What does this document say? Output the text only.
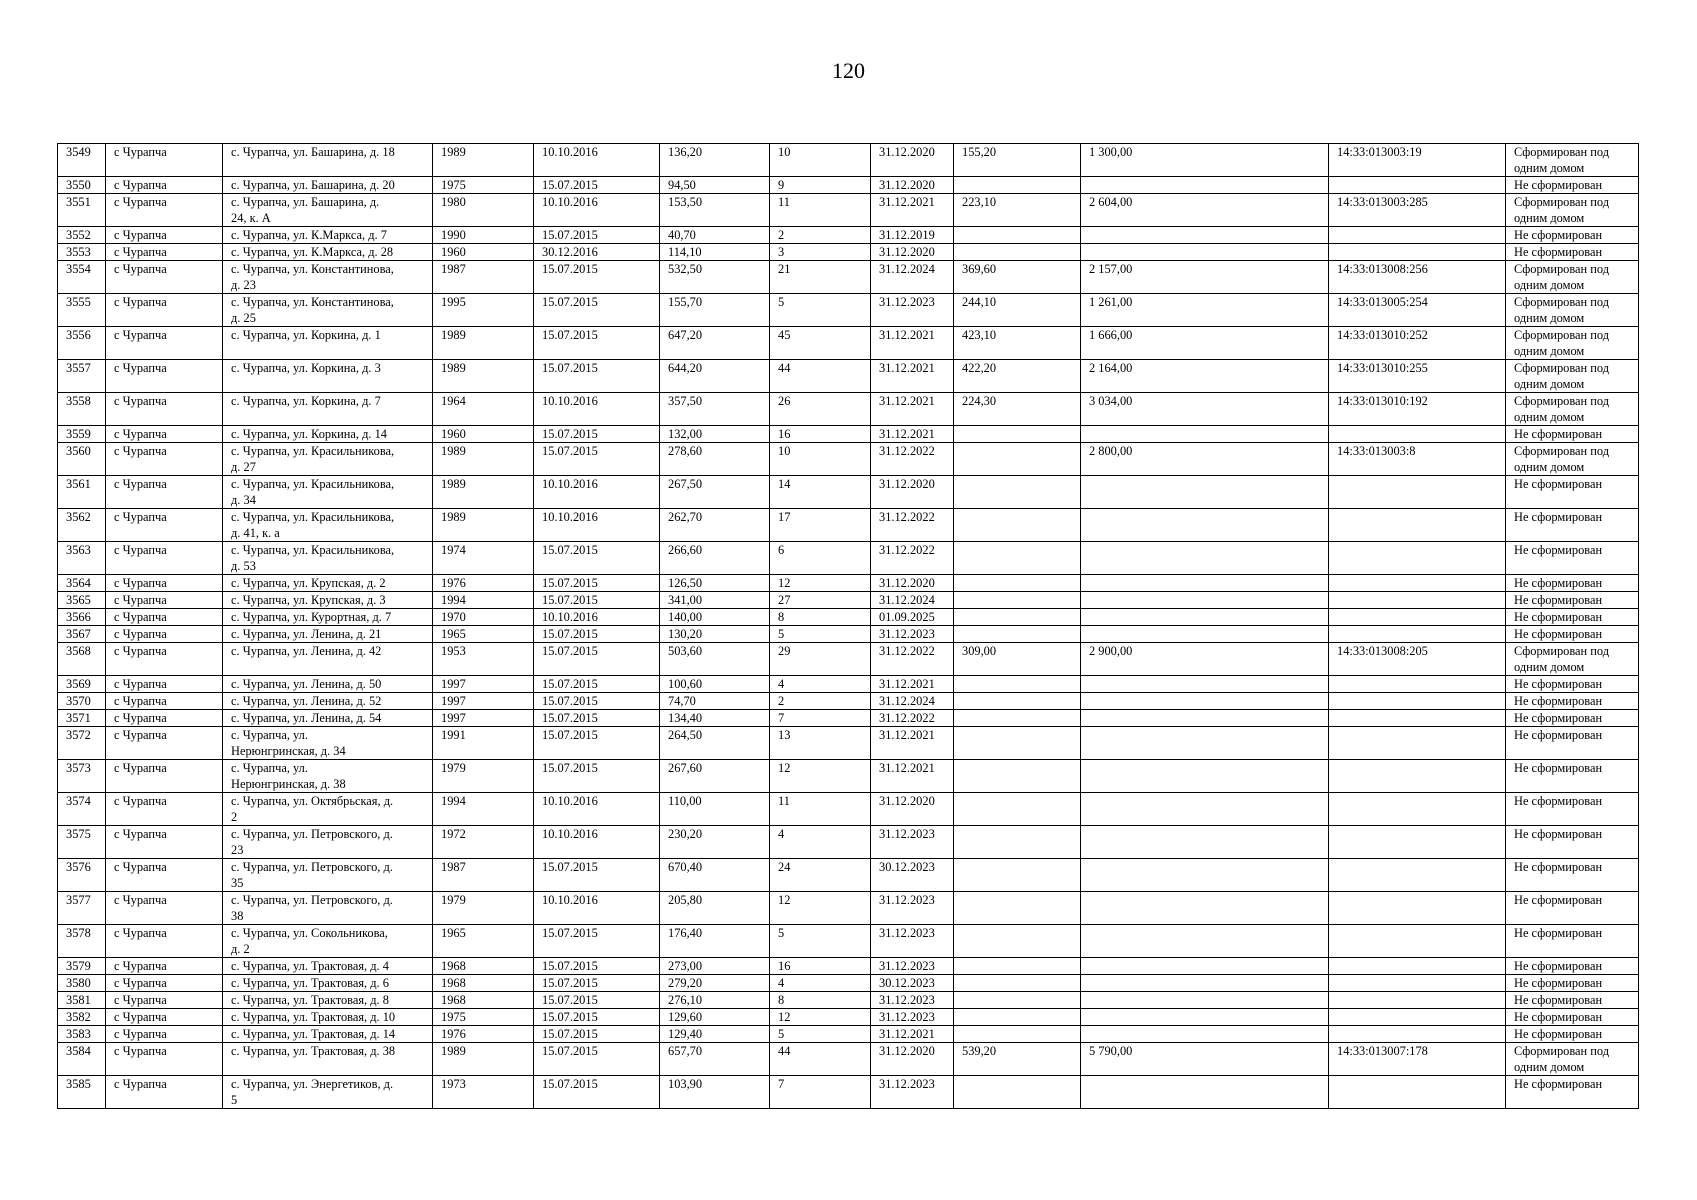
120
3549	с Чурапча	с. Чурапча, ул. Башарина, д. 18	1989	10.10.2016	136,20	10	31.12.2020	155,20	1 300,00	14:33:013003:19	Сформирован под
одним домом
3550	с Чурапча	с. Чурапча, ул. Башарина, д. 20	1975	15.07.2015	94,50	9	31.12.2020				Не сформирован
3551	с Чурапча	с. Чурапча, ул. Башарина, д.
24, к. А	1980	10.10.2016	153,50	11	31.12.2021	223,10	2 604,00	14:33:013003:285	Сформирован под
одним домом
3552	с Чурапча	с. Чурапча, ул. К.Маркса, д. 7	1990	15.07.2015	40,70	2	31.12.2019				Не сформирован
3553	с Чурапча	с. Чурапча, ул. К.Маркса, д. 28	1960	30.12.2016	114,10	3	31.12.2020				Не сформирован
3554	с Чурапча	с. Чурапча, ул. Константинова,
д. 23	1987	15.07.2015	532,50	21	31.12.2024	369,60	2 157,00	14:33:013008:256	Сформирован под
одним домом
3555	с Чурапча	с. Чурапча, ул. Константинова,
д. 25	1995	15.07.2015	155,70	5	31.12.2023	244,10	1 261,00	14:33:013005:254	Сформирован под
одним домом
3556	с Чурапча	с. Чурапча, ул. Коркина, д. 1	1989	15.07.2015	647,20	45	31.12.2021	423,10	1 666,00	14:33:013010:252	Сформирован под
одним домом
3557	с Чурапча	с. Чурапча, ул. Коркина, д. 3	1989	15.07.2015	644,20	44	31.12.2021	422,20	2 164,00	14:33:013010:255	Сформирован под
одним домом
3558	с Чурапча	с. Чурапча, ул. Коркина, д. 7	1964	10.10.2016	357,50	26	31.12.2021	224,30	3 034,00	14:33:013010:192	Сформирован под
одним домом
3559	с Чурапча	с. Чурапча, ул. Коркина, д. 14	1960	15.07.2015	132,00	16	31.12.2021				Не сформирован
3560	с Чурапча	с. Чурапча, ул. Красильникова,
д. 27	1989	15.07.2015	278,60	10	31.12.2022		2 800,00	14:33:013003:8	Сформирован под
одним домом
3561	с Чурапча	с. Чурапча, ул. Красильникова,
д. 34	1989	10.10.2016	267,50	14	31.12.2020				Не сформирован
3562	с Чурапча	с. Чурапча, ул. Красильникова,
д. 41, к. а	1989	10.10.2016	262,70	17	31.12.2022				Не сформирован
3563	с Чурапча	с. Чурапча, ул. Красильникова,
д. 53	1974	15.07.2015	266,60	6	31.12.2022				Не сформирован
3564	с Чурапча	с. Чурапча, ул. Крупская, д. 2	1976	15.07.2015	126,50	12	31.12.2020				Не сформирован
3565	с Чурапча	с. Чурапча, ул. Крупская, д. 3	1994	15.07.2015	341,00	27	31.12.2024				Не сформирован
3566	с Чурапча	с. Чурапча, ул. Курортная, д. 7	1970	10.10.2016	140,00	8	01.09.2025				Не сформирован
3567	с Чурапча	с. Чурапча, ул. Ленина, д. 21	1965	15.07.2015	130,20	5	31.12.2023				Не сформирован
3568	с Чурапча	с. Чурапча, ул. Ленина, д. 42	1953	15.07.2015	503,60	29	31.12.2022	309,00	2 900,00	14:33:013008:205	Сформирован под
одним домом
3569	с Чурапча	с. Чурапча, ул. Ленина, д. 50	1997	15.07.2015	100,60	4	31.12.2021				Не сформирован
3570	с Чурапча	с. Чурапча, ул. Ленина, д. 52	1997	15.07.2015	74,70	2	31.12.2024				Не сформирован
3571	с Чурапча	с. Чурапча, ул. Ленина, д. 54	1997	15.07.2015	134,40	7	31.12.2022				Не сформирован
3572	с Чурапча	с. Чурапча, ул.
Нерюнгринская, д. 34	1991	15.07.2015	264,50	13	31.12.2021				Не сформирован
3573	с Чурапча	с. Чурапча, ул.
Нерюнгринская, д. 38	1979	15.07.2015	267,60	12	31.12.2021				Не сформирован
3574	с Чурапча	с. Чурапча, ул. Октябрьская, д.
2	1994	10.10.2016	110,00	11	31.12.2020				Не сформирован
3575	с Чурапча	с. Чурапча, ул. Петровского, д.
23	1972	10.10.2016	230,20	4	31.12.2023				Не сформирован
3576	с Чурапча	с. Чурапча, ул. Петровского, д.
35	1987	15.07.2015	670,40	24	30.12.2023				Не сформирован
3577	с Чурапча	с. Чурапча, ул. Петровского, д.
38	1979	10.10.2016	205,80	12	31.12.2023				Не сформирован
3578	с Чурапча	с. Чурапча, ул. Сокольникова,
д. 2	1965	15.07.2015	176,40	5	31.12.2023				Не сформирован
3579	с Чурапча	с. Чурапча, ул. Трактовая, д. 4	1968	15.07.2015	273,00	16	31.12.2023				Не сформирован
3580	с Чурапча	с. Чурапча, ул. Трактовая, д. 6	1968	15.07.2015	279,20	4	30.12.2023				Не сформирован
3581	с Чурапча	с. Чурапча, ул. Трактовая, д. 8	1968	15.07.2015	276,10	8	31.12.2023				Не сформирован
3582	с Чурапча	с. Чурапча, ул. Трактовая, д. 10	1975	15.07.2015	129,60	12	31.12.2023				Не сформирован
3583	с Чурапча	с. Чурапча, ул. Трактовая, д. 14	1976	15.07.2015	129,40	5	31.12.2021				Не сформирован
3584	с Чурапча	с. Чурапча, ул. Трактовая, д. 38	1989	15.07.2015	657,70	44	31.12.2020	539,20	5 790,00	14:33:013007:178	Сформирован под
одним домом
3585	с Чурапча	с. Чурапча, ул. Энергетиков, д.
5	1973	15.07.2015	103,90	7	31.12.2023				Не сформирован
